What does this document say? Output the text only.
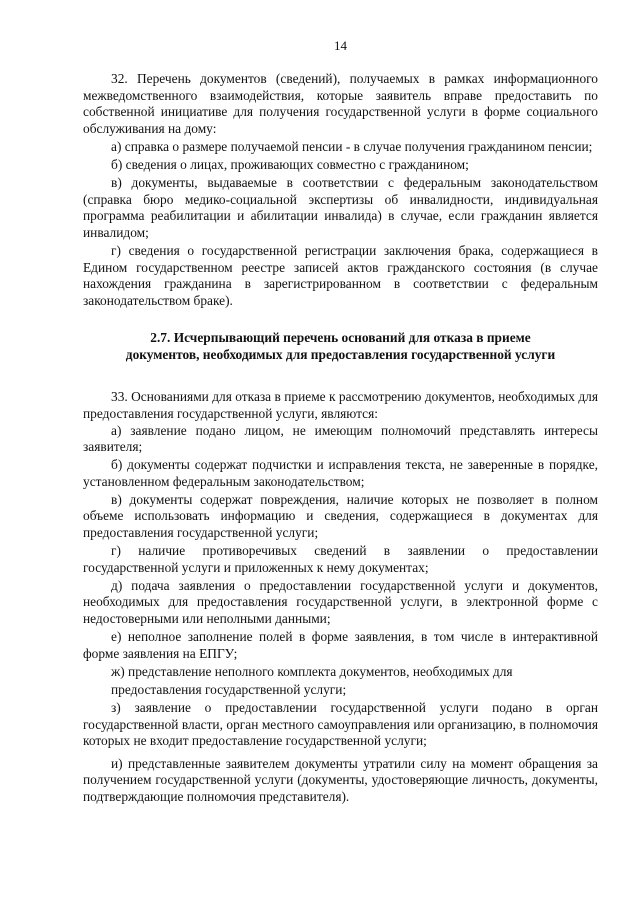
14

32. Перечень документов (сведений), получаемых в рамках информационного межведомственного взаимодействия, которые заявитель вправе предоставить по собственной инициативе для получения государственной услуги в форме социального обслуживания на дому:

а) справка о размере получаемой пенсии - в случае получения гражданином пенсии;

б) сведения о лицах, проживающих совместно с гражданином;

в) документы, выдаваемые в соответствии с федеральным законодательством (справка бюро медико-социальной экспертизы об инвалидности, индивидуальная программа реабилитации и абилитации инвалида) в случае, если гражданин является инвалидом;

г) сведения о государственной регистрации заключения брака, содержащиеся в Едином государственном реестре записей актов гражданского состояния (в случае нахождения гражданина в зарегистрированном в соответствии с федеральным законодательством браке).

2.7. Исчерпывающий перечень оснований для отказа в приеме
документов, необходимых для предоставления государственной услуги

33. Основаниями для отказа в приеме к рассмотрению документов, необходимых для предоставления государственной услуги, являются:

а) заявление подано лицом, не имеющим полномочий представлять интересы заявителя;

б) документы содержат подчистки и исправления текста, не заверенные в порядке, установленном федеральным законодательством;

в) документы содержат повреждения, наличие которых не позволяет в полном объеме использовать информацию и сведения, содержащиеся в документах для предоставления государственной услуги;

г) наличие противоречивых сведений в заявлении о предоставлении государственной услуги и приложенных к нему документах;

д) подача заявления о предоставлении государственной услуги и документов, необходимых для предоставления государственной услуги, в электронной форме с недостоверными или неполными данными;

е) неполное заполнение полей в форме заявления, в том числе в интерактивной форме заявления на ЕПГУ;

ж) представление неполного комплекта документов, необходимых для

предоставления государственной услуги;

з) заявление о предоставлении государственной услуги подано в орган государственной власти, орган местного самоуправления или организацию, в полномочия которых не входит предоставление государственной услуги;

и) представленные заявителем документы утратили силу на момент обращения за получением государственной услуги (документы, удостоверяющие личность, документы, подтверждающие полномочия представителя).
